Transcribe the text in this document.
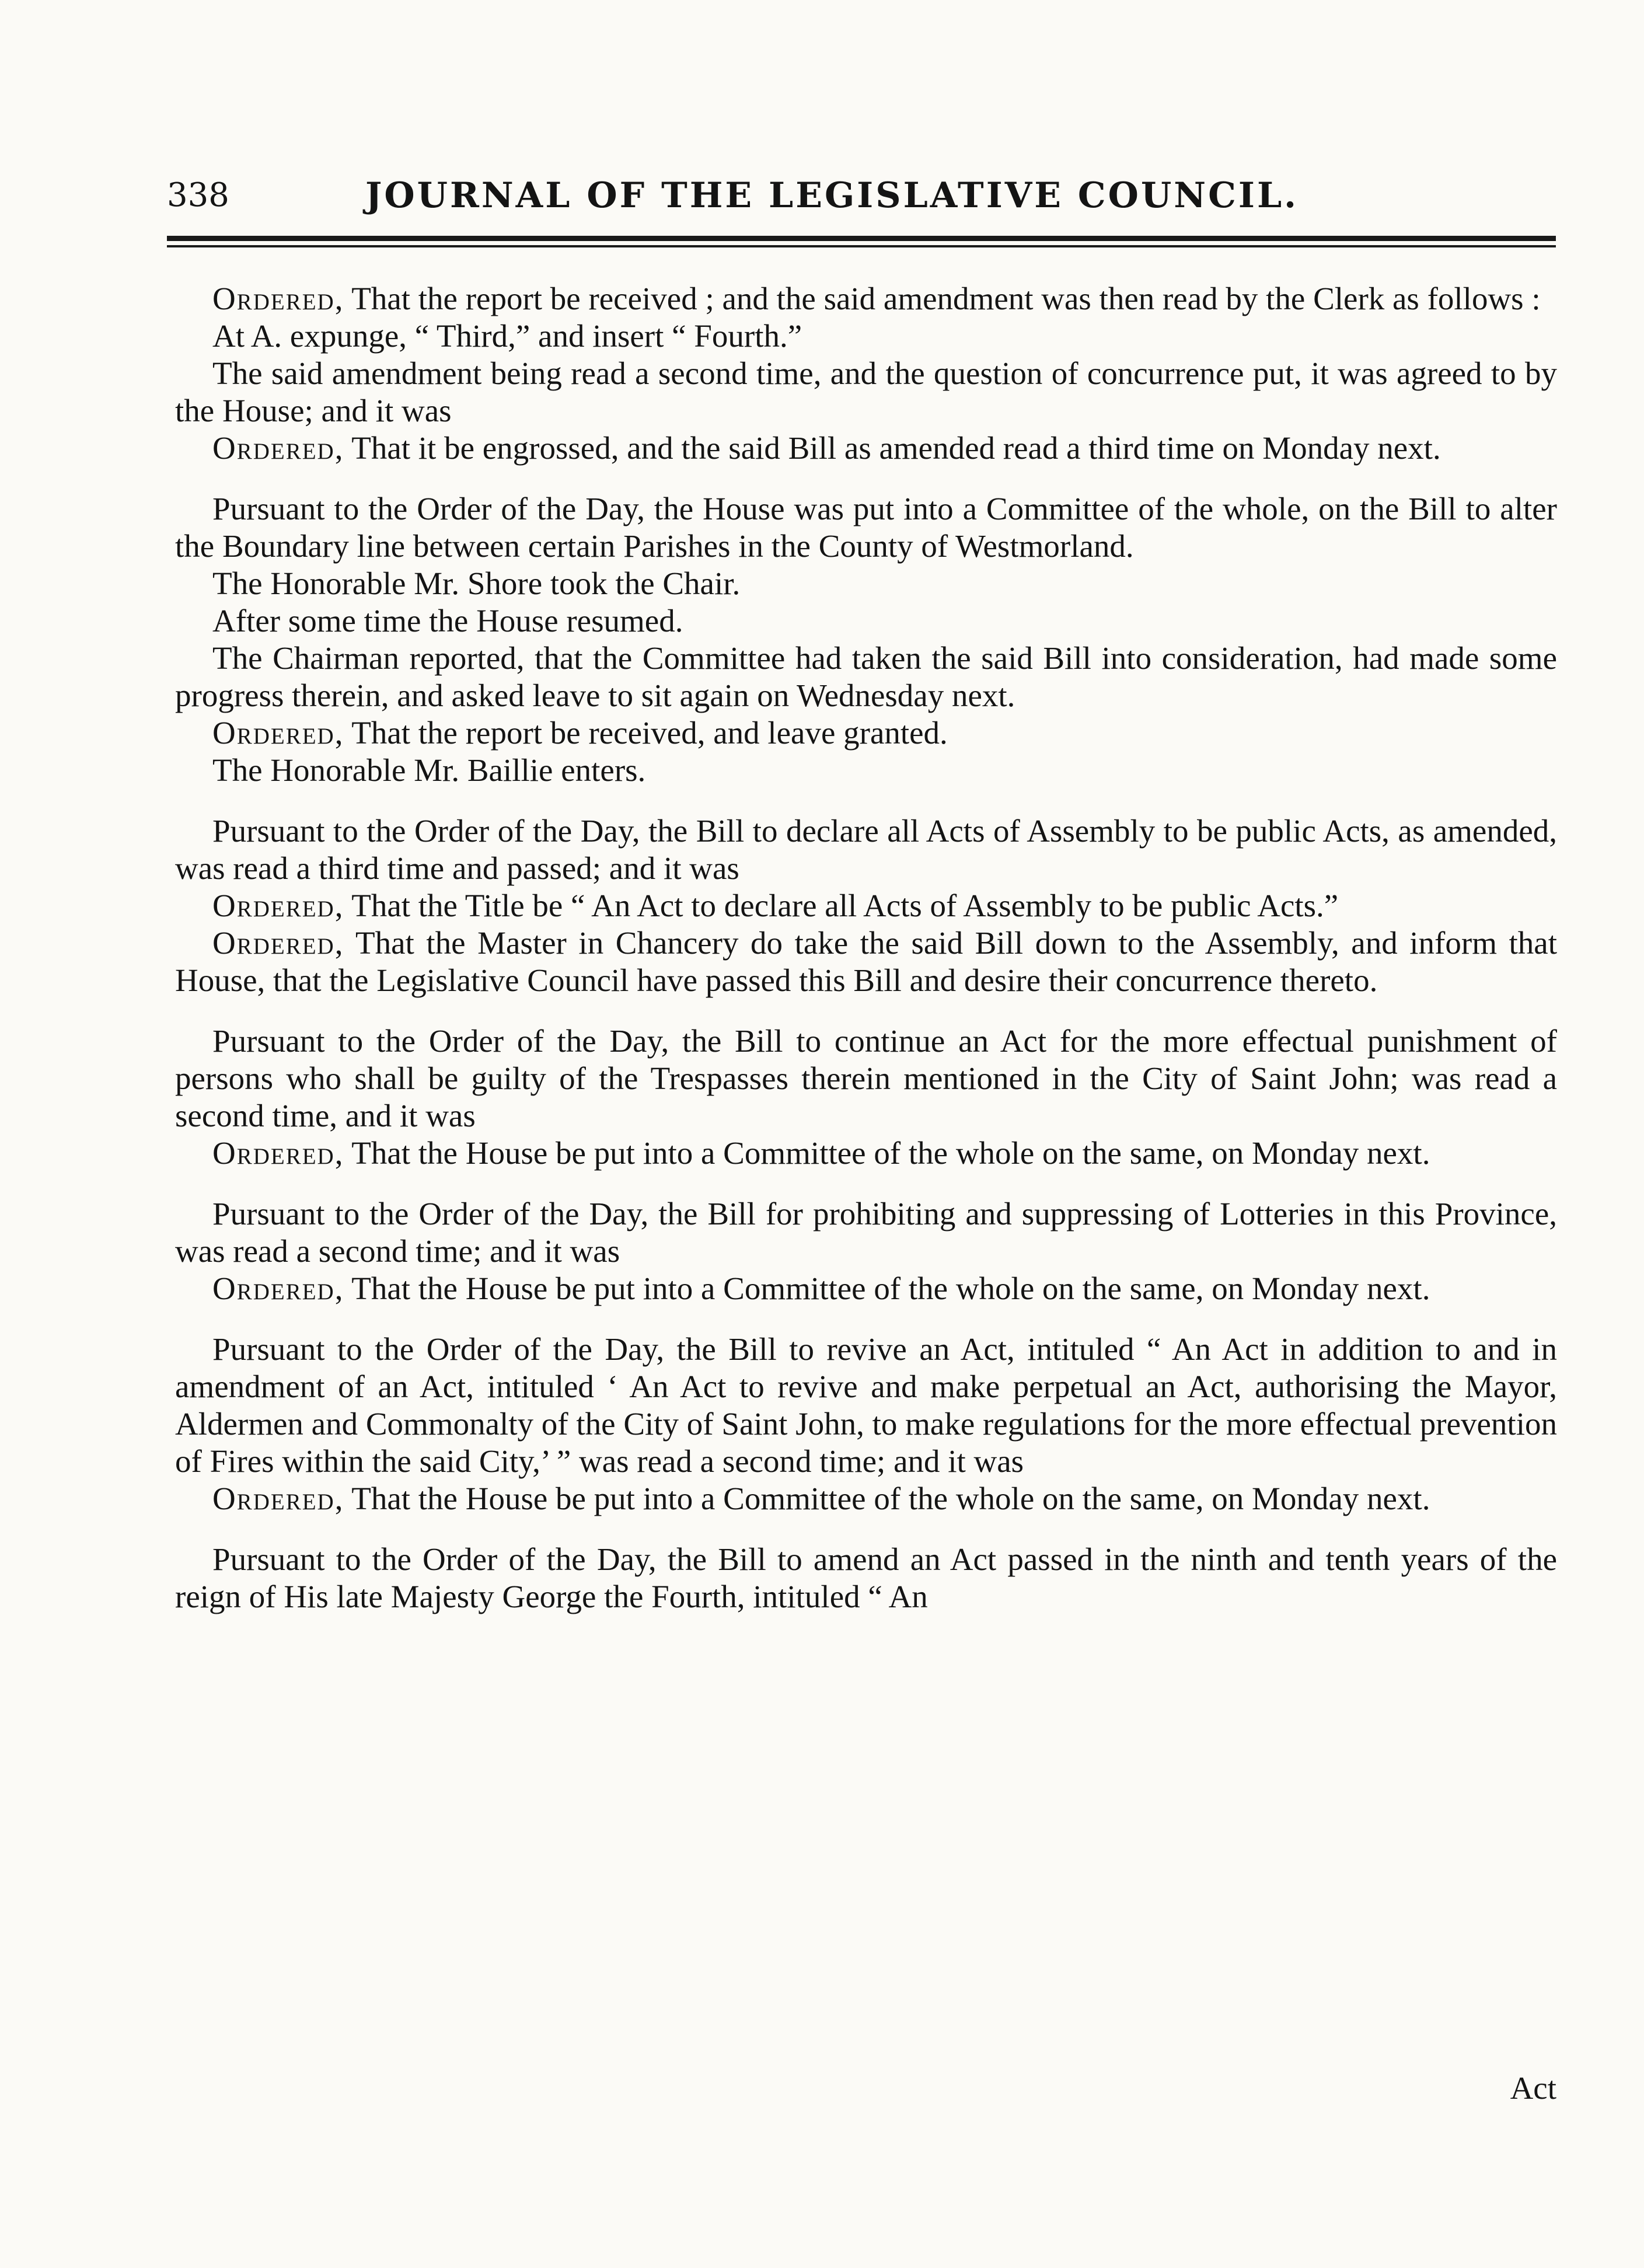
338	JOURNAL OF THE LEGISLATIVE COUNCIL.

Ordered, That the report be received ; and the said amendment was then read by the Clerk as follows :

At A. expunge, “ Third,” and insert “ Fourth.”

The said amendment being read a second time, and the question of concurrence put, it was agreed to by the House; and it was

Ordered, That it be engrossed, and the said Bill as amended read a third time on Monday next.

Pursuant to the Order of the Day, the House was put into a Committee of the whole, on the Bill to alter the Boundary line between certain Parishes in the County of Westmorland.

The Honorable Mr. Shore took the Chair.

After some time the House resumed.

The Chairman reported, that the Committee had taken the said Bill into consideration, had made some progress therein, and asked leave to sit again on Wednesday next.

Ordered, That the report be received, and leave granted.

The Honorable Mr. Baillie enters.

Pursuant to the Order of the Day, the Bill to declare all Acts of Assembly to be public Acts, as amended, was read a third time and passed; and it was

Ordered, That the Title be “ An Act to declare all Acts of Assembly to be public Acts.”

Ordered, That the Master in Chancery do take the said Bill down to the Assembly, and inform that House, that the Legislative Council have passed this Bill and desire their concurrence thereto.

Pursuant to the Order of the Day, the Bill to continue an Act for the more effectual punishment of persons who shall be guilty of the Trespasses therein mentioned in the City of Saint John; was read a second time, and it was

Ordered, That the House be put into a Committee of the whole on the same, on Monday next.

Pursuant to the Order of the Day, the Bill for prohibiting and suppressing of Lotteries in this Province, was read a second time; and it was

Ordered, That the House be put into a Committee of the whole on the same, on Monday next.

Pursuant to the Order of the Day, the Bill to revive an Act, intituled “ An Act in addition to and in amendment of an Act, intituled ‘ An Act to revive and make perpetual an Act, authorising the Mayor, Aldermen and Commonalty of the City of Saint John, to make regulations for the more effectual prevention of Fires within the said City,’ ” was read a second time; and it was

Ordered, That the House be put into a Committee of the whole on the same, on Monday next.

Pursuant to the Order of the Day, the Bill to amend an Act passed in the ninth and tenth years of the reign of His late Majesty George the Fourth, intituled “ An

Act
